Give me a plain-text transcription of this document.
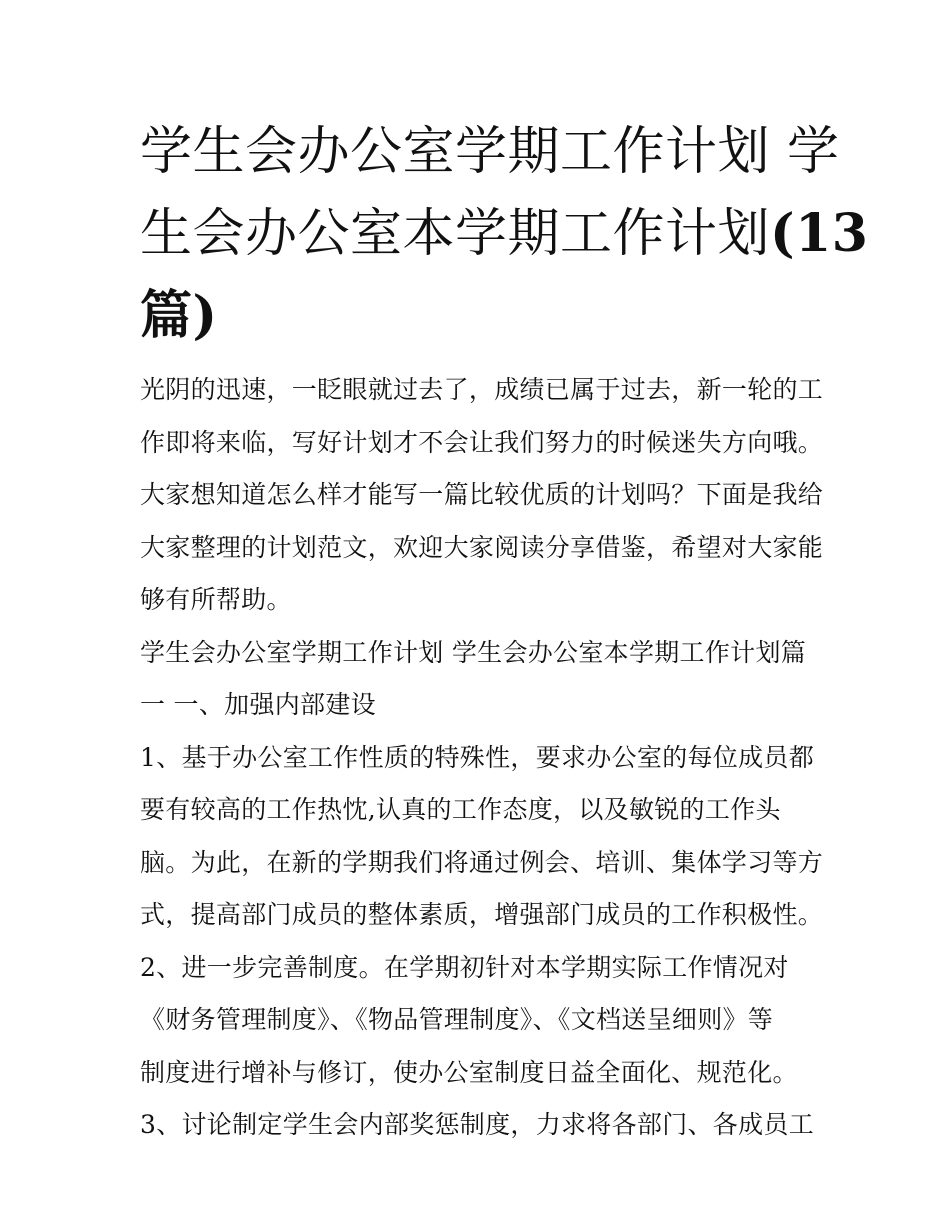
学生会办公室学期工作计划 学
生会办公室本学期工作计划(13
篇)

光阴的迅速，一眨眼就过去了，成绩已属于过去，新一轮的工
作即将来临，写好计划才不会让我们努力的时候迷失方向哦。
大家想知道怎么样才能写一篇比较优质的计划吗？下面是我给
大家整理的计划范文，欢迎大家阅读分享借鉴，希望对大家能
够有所帮助。

学生会办公室学期工作计划 学生会办公室本学期工作计划篇
一 一、加强内部建设

1、基于办公室工作性质的特殊性，要求办公室的每位成员都
要有较高的工作热忱,认真的工作态度，以及敏锐的工作头
脑。为此，在新的学期我们将通过例会、培训、集体学习等方
式，提高部门成员的整体素质，增强部门成员的工作积极性。

2、进一步完善制度。在学期初针对本学期实际工作情况对
《财务管理制度》、《物品管理制度》、《文档送呈细则》等
制度进行增补与修订，使办公室制度日益全面化、规范化。

3、讨论制定学生会内部奖惩制度，力求将各部门、各成员工
